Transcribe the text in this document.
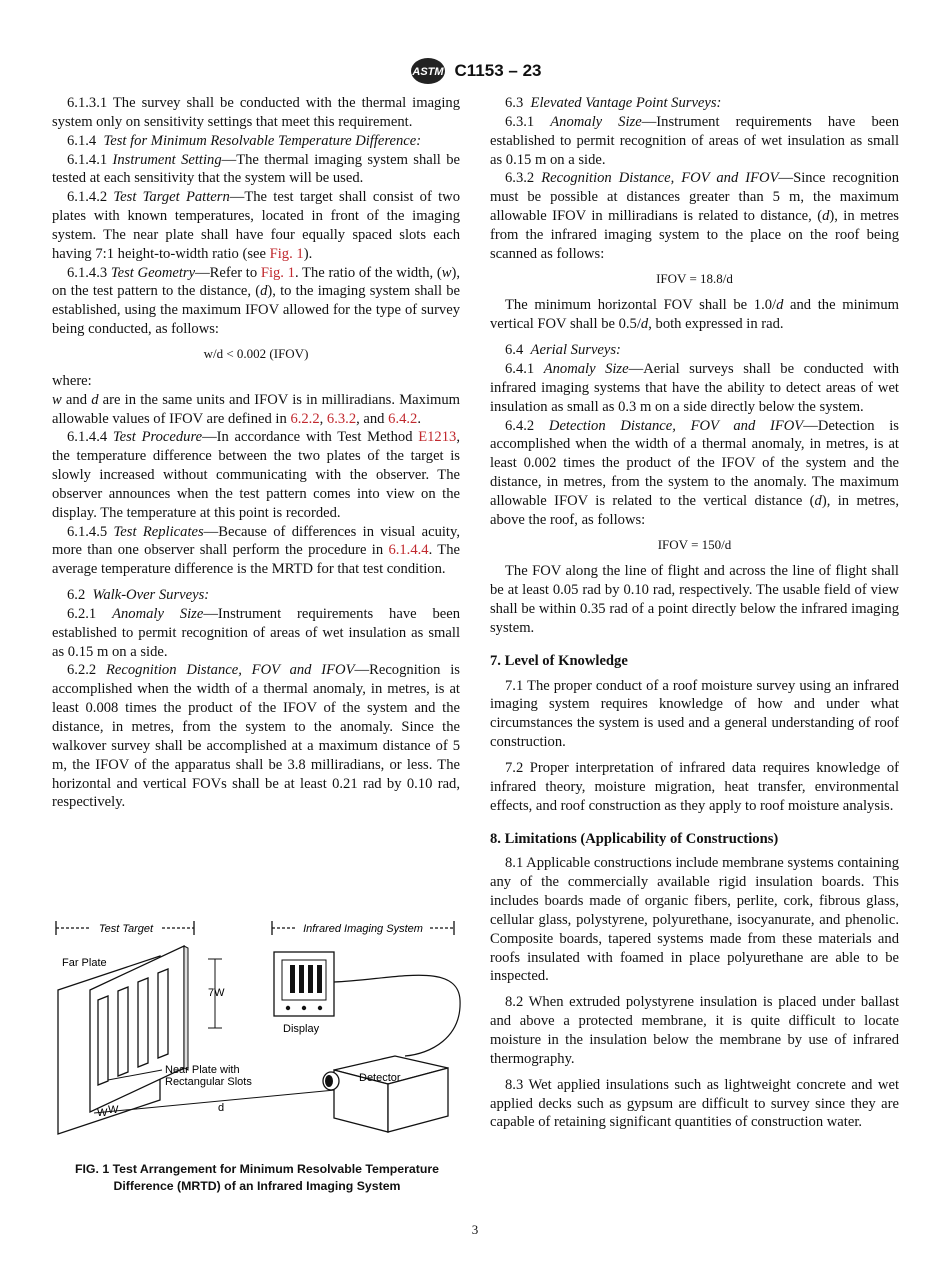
ASTM C1153 – 23

6.1.3.1 The survey shall be conducted with the thermal imaging system only on sensitivity settings that meet this requirement.

6.1.4 Test for Minimum Resolvable Temperature Difference:

6.1.4.1 Instrument Setting—The thermal imaging system shall be tested at each sensitivity that the system will be used.

6.1.4.2 Test Target Pattern—The test target shall consist of two plates with known temperatures, located in front of the imaging system. The near plate shall have four equally spaced slots each having 7:1 height-to-width ratio (see Fig. 1).

6.1.4.3 Test Geometry—Refer to Fig. 1. The ratio of the width, (w), on the test pattern to the distance, (d), to the imaging system shall be established, using the maximum IFOV allowed for the type of survey being conducted, as follows:

w/d < 0.002 (IFOV)

where:

w and d are in the same units and IFOV is in milliradians. Maximum allowable values of IFOV are defined in 6.2.2, 6.3.2, and 6.4.2.

6.1.4.4 Test Procedure—In accordance with Test Method E1213, the temperature difference between the two plates of the target is slowly increased without communicating with the observer. The observer announces when the test pattern comes into view on the display. The temperature at this point is recorded.

6.1.4.5 Test Replicates—Because of differences in visual acuity, more than one observer shall perform the procedure in 6.1.4.4. The average temperature difference is the MRTD for that test condition.

6.2 Walk-Over Surveys:

6.2.1 Anomaly Size—Instrument requirements have been established to permit recognition of areas of wet insulation as small as 0.15 m on a side.

6.2.2 Recognition Distance, FOV and IFOV—Recognition is accomplished when the width of a thermal anomaly, in metres, is at least 0.008 times the product of the IFOV of the system and the distance, in metres, from the system to the anomaly. Since the walkover survey shall be accomplished at a maximum distance of 5 m, the IFOV of the apparatus shall be 3.8 milliradians, or less. The horizontal and vertical FOVs shall be at least 0.21 rad by 0.10 rad, respectively.

Test Target	Infrared Imaging System
Far Plate
7W
W W
Near Plate with
Rectangular Slots
d
Display
Detector
FIG. 1 Test Arrangement for Minimum Resolvable Temperature
Difference (MRTD) of an Infrared Imaging System

6.3 Elevated Vantage Point Surveys:

6.3.1 Anomaly Size—Instrument requirements have been established to permit recognition of areas of wet insulation as small as 0.15 m on a side.

6.3.2 Recognition Distance, FOV and IFOV—Since recognition must be possible at distances greater than 5 m, the maximum allowable IFOV in milliradians is related to distance, (d), in metres from the infrared imaging system to the place on the roof being scanned as follows:

IFOV = 18.8/d

The minimum horizontal FOV shall be 1.0/d and the minimum vertical FOV shall be 0.5/d, both expressed in rad.

6.4 Aerial Surveys:

6.4.1 Anomaly Size—Aerial surveys shall be conducted with infrared imaging systems that have the ability to detect areas of wet insulation as small as 0.3 m on a side directly below the system.

6.4.2 Detection Distance, FOV and IFOV—Detection is accomplished when the width of a thermal anomaly, in metres, is at least 0.002 times the product of the IFOV of the system and the distance, in metres, from the system to the anomaly. The maximum allowable IFOV is related to the vertical distance (d), in metres, above the roof, as follows:

IFOV = 150/d

The FOV along the line of flight and across the line of flight shall be at least 0.05 rad by 0.10 rad, respectively. The usable field of view shall be within 0.35 rad of a point directly below the infrared imaging system.

7. Level of Knowledge

7.1 The proper conduct of a roof moisture survey using an infrared imaging system requires knowledge of how and under what circumstances the system is used and a general understanding of roof construction.

7.2 Proper interpretation of infrared data requires knowledge of infrared theory, moisture migration, heat transfer, environmental effects, and roof construction as they apply to roof moisture analysis.

8. Limitations (Applicability of Constructions)

8.1 Applicable constructions include membrane systems containing any of the commercially available rigid insulation boards. This includes boards made of organic fibers, perlite, cork, fibrous glass, cellular glass, polystyrene, polyurethane, isocyanurate, and phenolic. Composite boards, tapered systems made from these materials and roofs insulated with foamed in place polyurethane are able to be inspected.

8.2 When extruded polystyrene insulation is placed under ballast and above a protected membrane, it is quite difficult to locate moisture in the insulation below the membrane by use of infrared thermography.

8.3 Wet applied insulations such as lightweight concrete and wet applied decks such as gypsum are difficult to survey since they are capable of retaining significant quantities of construction water.

3
